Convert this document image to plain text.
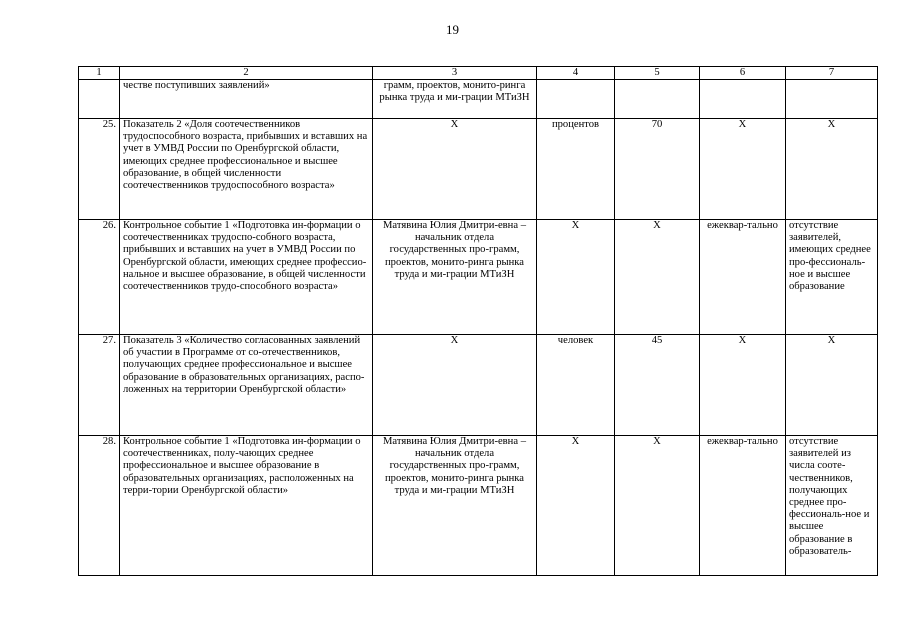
19
1	2	3	4	5	6	7
	честве поступивших заявлений»	грамм, проектов, монито-ринга рынка труда и ми-грации МТиЗН				
25.	Показатель 2 «Доля соотечественников трудоспособного возраста, прибывших и вставших на учет в УМВД России по Оренбургской области, имеющих среднее профессиональное и высшее образование, в общей численности соотечественников трудоспособного возраста»	Х	процентов	70	Х	Х
26.	Контрольное событие 1 «Подготовка ин-формации о соотечественниках трудоспо-собного возраста, прибывших и вставших на учет в УМВД России по Оренбургской области, имеющих среднее профессио-нальное и высшее образование, в общей численности соотечественников трудо-способного возраста»	Матявина Юлия Дмитри-евна – начальник отдела государственных про-грамм, проектов, монито-ринга рынка труда и ми-грации МТиЗН	Х	Х	ежеквар-тально	отсутствие заявителей, имеющих среднее про-фессиональ-ное и высшее образование
27.	Показатель 3 «Количество согласованных заявлений об участии в Программе от со-отечественников, получающих среднее профессиональное и высшее образование в образовательных организациях, распо-ложенных на территории Оренбургской области»	Х	человек	45	Х	Х
28.	Контрольное событие 1 «Подготовка ин-формации о соотечественниках, полу-чающих среднее профессиональное и высшее образование в образовательных организациях, расположенных на терри-тории Оренбургской области»	Матявина Юлия Дмитри-евна – начальник отдела государственных про-грамм, проектов, монито-ринга рынка труда и ми-грации МТиЗН	Х	Х	ежеквар-тально	отсутствие заявителей из числа соотe-чественников, получающих среднее про-фессиональ-ное и высшее образование в образователь-
